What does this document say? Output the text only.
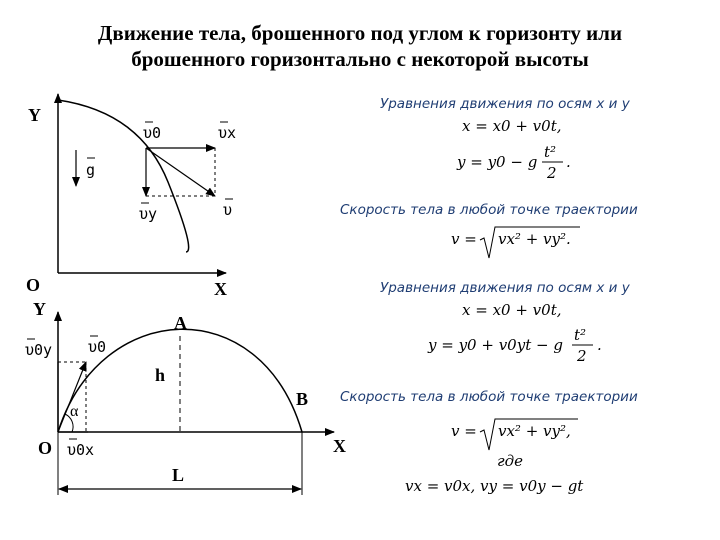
Движение тела, брошенного под углом к горизонту или
брошенного горизонтально с некоторой высоты
Y
X
O
υ0	υx
υy	υ
g
Y
X
O
υ0y υ0
υ0x
α
A
h
B
L
Уравнения движения по осям x и y
x = x0 + v0t,
y = y0 − g
t²
2
.
Скорость тела в любой точке траектории
v = vx² + vy².
Уравнения движения по осям x и y
x = x0 + v0t,
y = y0 + v0yt − g
t²
2
.
Скорость тела в любой точке траектории
v = vx² + vy²,
где
vx = v0x, vy = v0y − gt
